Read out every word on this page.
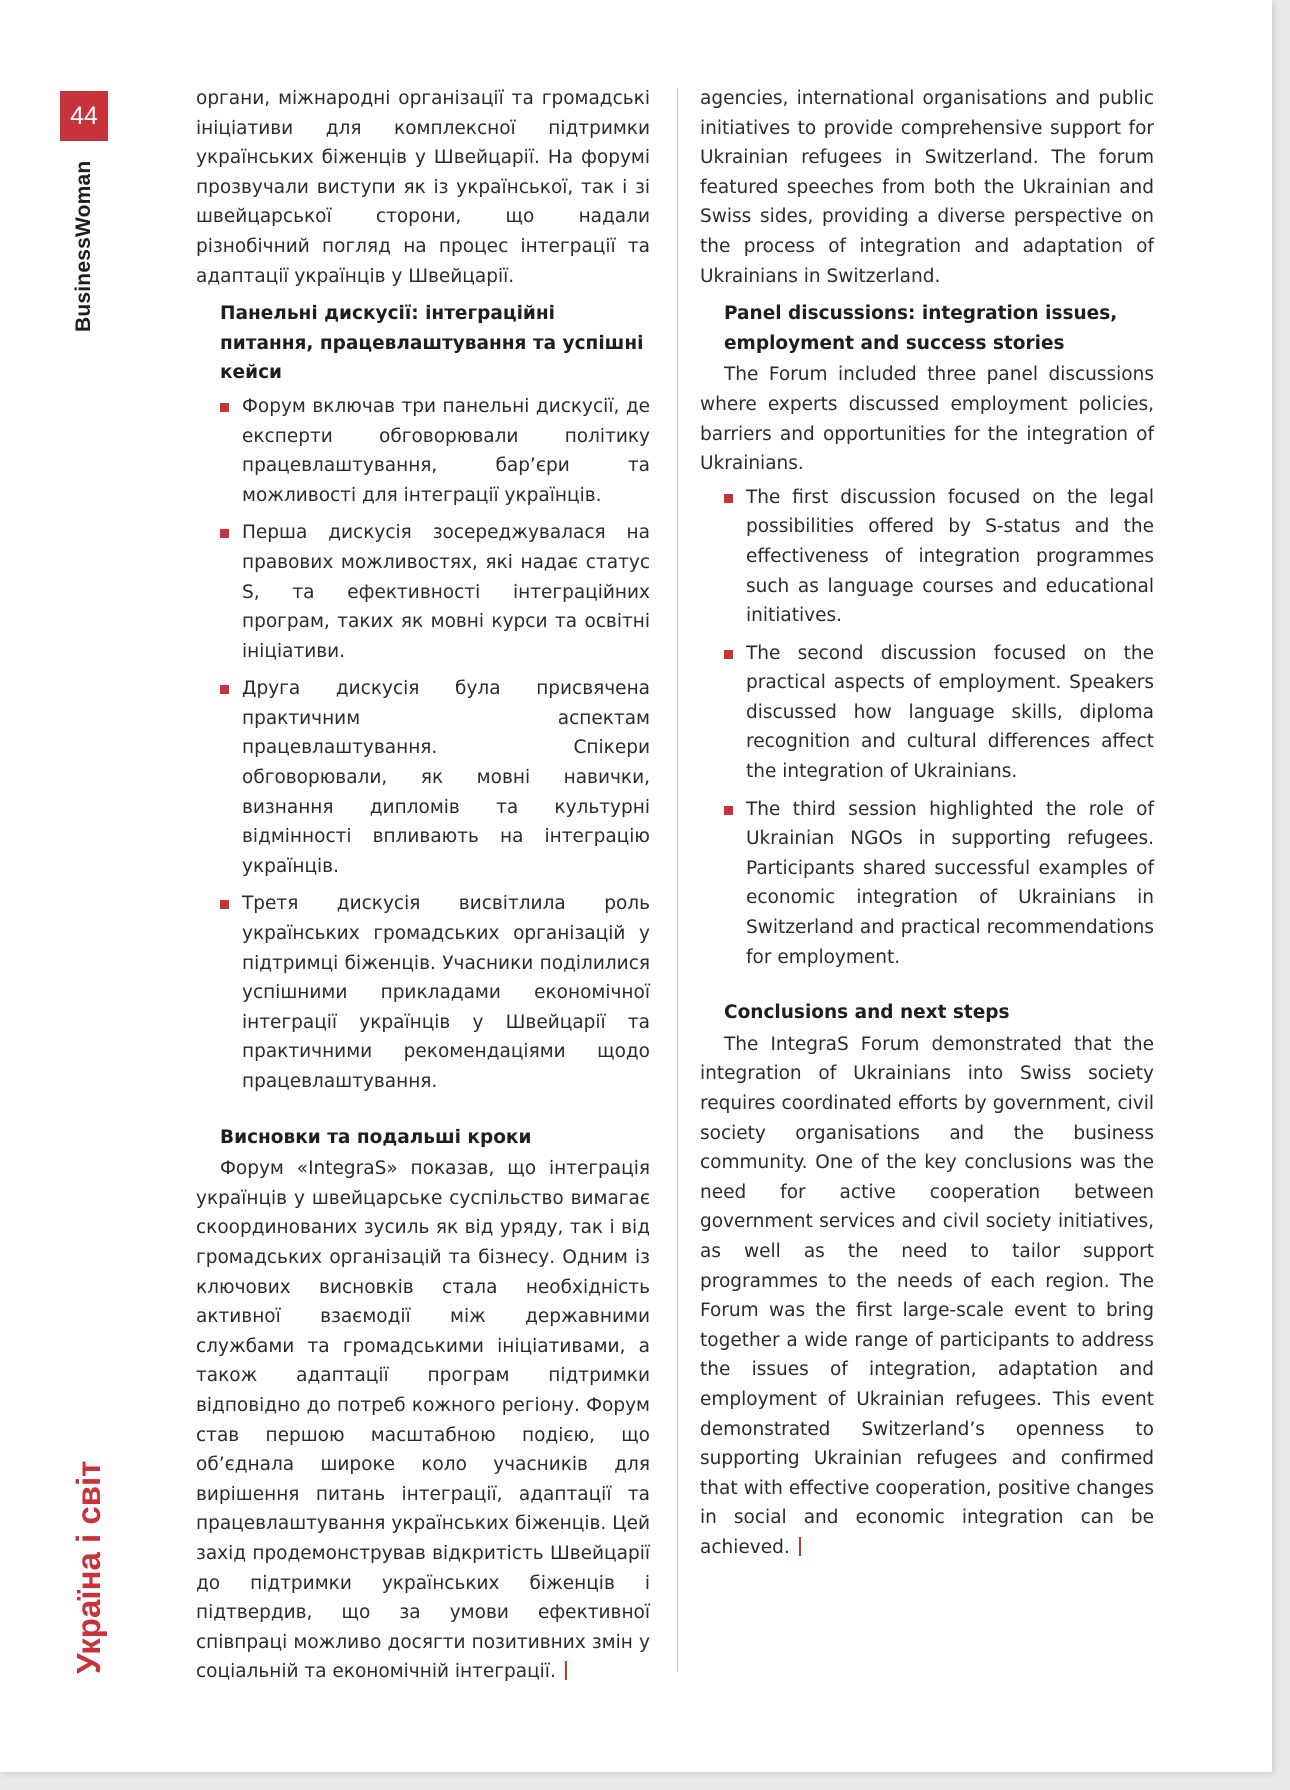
44
BusinessWoman
Україна і світ

органи, міжнародні організації та громадські ініціативи для комплексної підтримки українських біженців у Швейцарії. На форумі прозвучали виступи як із української, так і зі швейцарської сторони, що надали різнобічний погляд на процес інтеграції та адаптації українців у Швейцарії.

Панельні дискусії: інтеграційні питання, працевлаштування та успішні кейси
Форум включав три панельні дискусії, де експерти обговорювали політику працевлаштування, бар’єри та можливості для інтеграції українців.
Перша дискусія зосереджувалася на правових можливостях, які надає статус S, та ефективності інтеграційних програм, таких як мовні курси та освітні ініціативи.
Друга дискусія була присвячена практичним аспектам працевлаштування. Спікери обговорювали, як мовні навички, визнання дипломів та культурні відмінності впливають на інтеграцію українців.
Третя дискусія висвітлила роль українських громадських організацій у підтримці біженців. Учасники поділилися успішними прикладами економічної інтеграції українців у Швейцарії та практичними рекомендаціями щодо працевлаштування.
Висновки та подальші кроки

Форум «IntegraS» показав, що інтеграція українців у швейцарське суспільство вимагає скоординованих зусиль як від уряду, так і від громадських організацій та бізнесу. Одним із ключових висновків стала необхідність активної взаємодії між державними службами та громадськими ініціативами, а також адаптації програм підтримки відповідно до потреб кожного регіону. Форум став першою масштабною подією, що об’єднала широке коло учасників для вирішення питань інтеграції, адаптації та працевлаштування українських біженців. Цей захід продемонстрував відкритість Швейцарії до підтримки українських біженців і підтвердив, що за умови ефективної співпраці можливо досягти позитивних змін у соціальній та економічній інтеграції.

agencies, international organisations and public initiatives to provide comprehensive support for Ukrainian refugees in Switzerland. The forum featured speeches from both the Ukrainian and Swiss sides, providing a diverse perspective on the process of integration and adaptation of Ukrainians in Switzerland.

Panel discussions: integration issues, employment and success stories

The Forum included three panel discussions where experts discussed employment policies, barriers and opportunities for the integration of Ukrainians.

The first discussion focused on the legal possibilities offered by S-status and the effectiveness of integration programmes such as language courses and educational initiatives.
The second discussion focused on the practical aspects of employment. Speakers discussed how language skills, diploma recognition and cultural differences affect the integration of Ukrainians.
The third session highlighted the role of Ukrainian NGOs in supporting refugees. Participants shared successful examples of economic integration of Ukrainians in Switzerland and practical recommendations for employment.
Conclusions and next steps

The IntegraS Forum demonstrated that the integration of Ukrainians into Swiss society requires coordinated efforts by government, civil society organisations and the business community. One of the key conclusions was the need for active cooperation between government services and civil society initiatives, as well as the need to tailor support programmes to the needs of each region. The Forum was the first large-scale event to bring together a wide range of participants to address the issues of integration, adaptation and employment of Ukrainian refugees. This event demonstrated Switzerland’s openness to supporting Ukrainian refugees and confirmed that with effective cooperation, positive changes in social and economic integration can be achieved.
